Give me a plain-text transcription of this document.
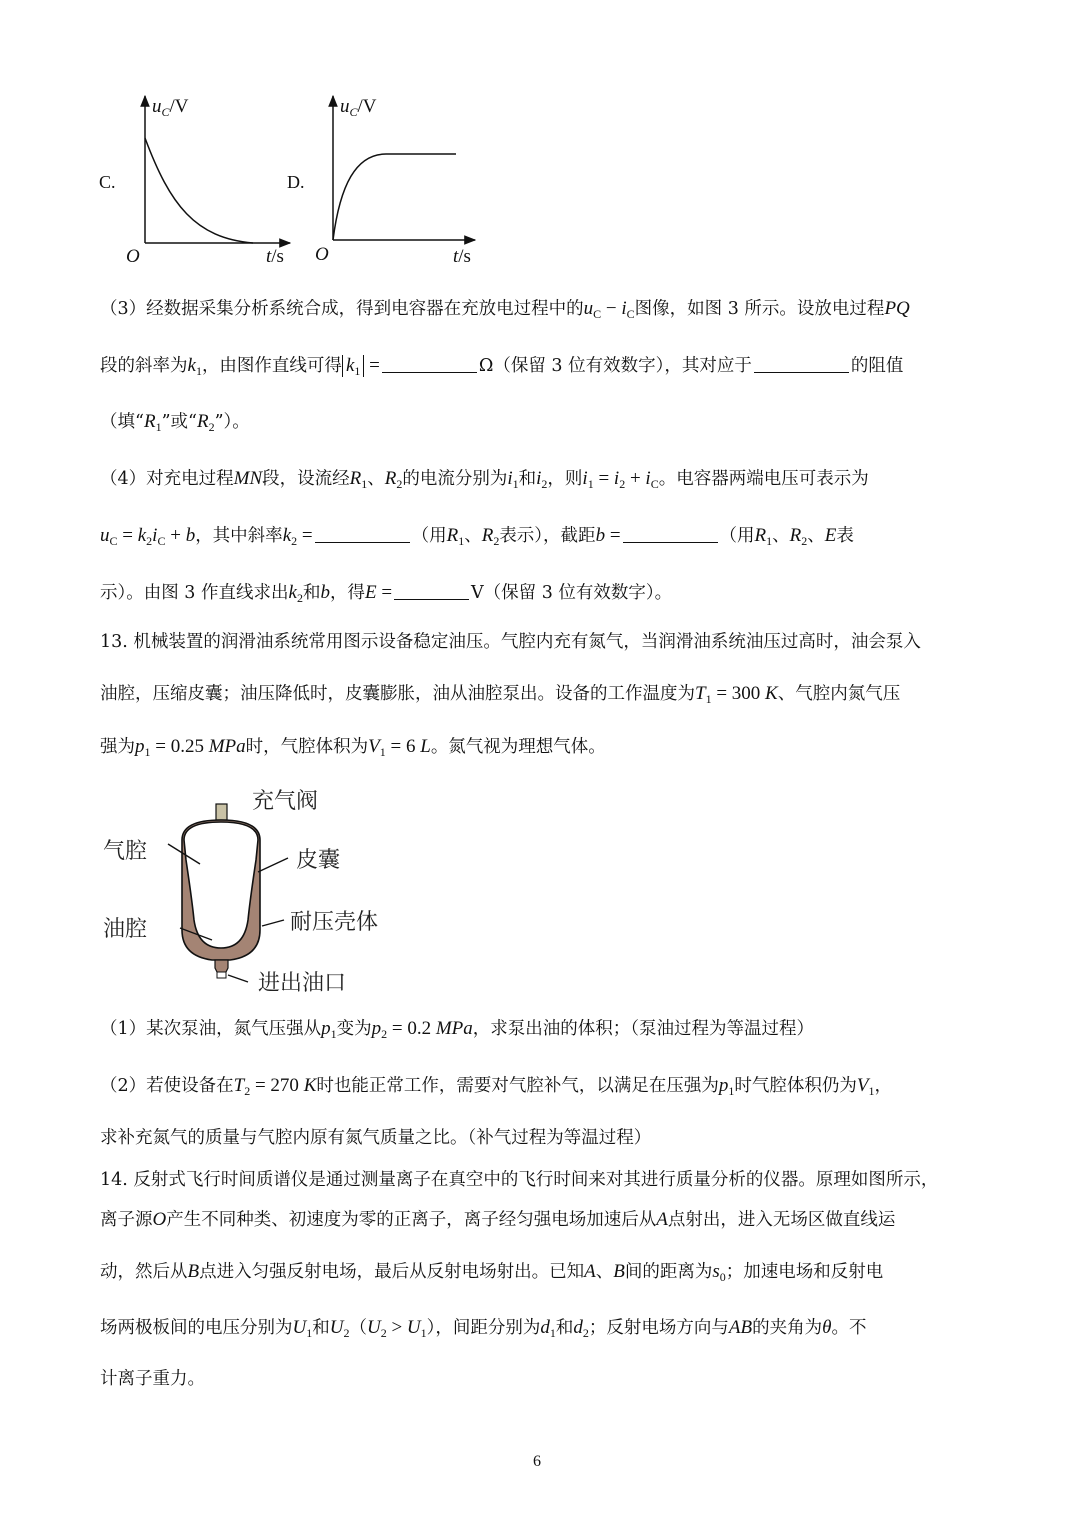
C.	D.
$u_C/V$
O	t/s
$u_C/V$
O	t/s
（3）经数据采集分析系统合成，得到电容器在充放电过程中的$u_C - i_C$图像，如图 3 所示。设放电过程PQ
段的斜率为$k_1$，由图作直线可得 $k_1$ =	Ω（保留 3 位有效数字），其对应于	的阻值
（填“$R_1$”或“$R_2$”）。
（4）对充电过程MN段，设流经$R_1$、$R_2$的电流分别为$i_1$和$i_2$，则$i_1 = i_2 + i_C$。电容器两端电压可表示为
$u_C = k_2i_C + b$，其中斜率$k_2$ =	（用$R_1$、$R_2$表示），截距b =	（用$R_1$、$R_2$、E表
示）。由图 3 作直线求出$k_2$和b，得E =	V（保留 3 位有效数字）。
13. 机械装置的润滑油系统常用图示设备稳定油压。气腔内充有氮气，当润滑油系统油压过高时，油会泵入
油腔，压缩皮囊；油压降低时，皮囊膨胀，油从油腔泵出。设备的工作温度为$T_1 = 300$ K、气腔内氮气压
强为$p_1 = 0.25$ MPa时，气腔体积为$V_1 = 6$ L。氮气视为理想气体。
充气阀
气腔	皮囊
油腔	耐压壳体
进出油口
（1）某次泵油，氮气压强从$p_1$变为$p_2 = 0.2$ MPa，求泵出油的体积；（泵油过程为等温过程）
（2）若使设备在$T_2 = 270$ K时也能正常工作，需要对气腔补气，以满足在压强为$p_1$时气腔体积仍为$V_1$，
求补充氮气的质量与气腔内原有氮气质量之比。（补气过程为等温过程）
14. 反射式飞行时间质谱仪是通过测量离子在真空中的飞行时间来对其进行质量分析的仪器。原理如图所示，
离子源O产生不同种类、初速度为零的正离子，离子经匀强电场加速后从A点射出，进入无场区做直线运
动，然后从B点进入匀强反射电场，最后从反射电场射出。已知A、B间的距离为$s_0$；加速电场和反射电
场两极板间的电压分别为$U_1$和$U_2(U_2 > U_1)$，间距分别为$d_1$和$d_2$；反射电场方向与AB的夹角为θ。不
计离子重力。
6
